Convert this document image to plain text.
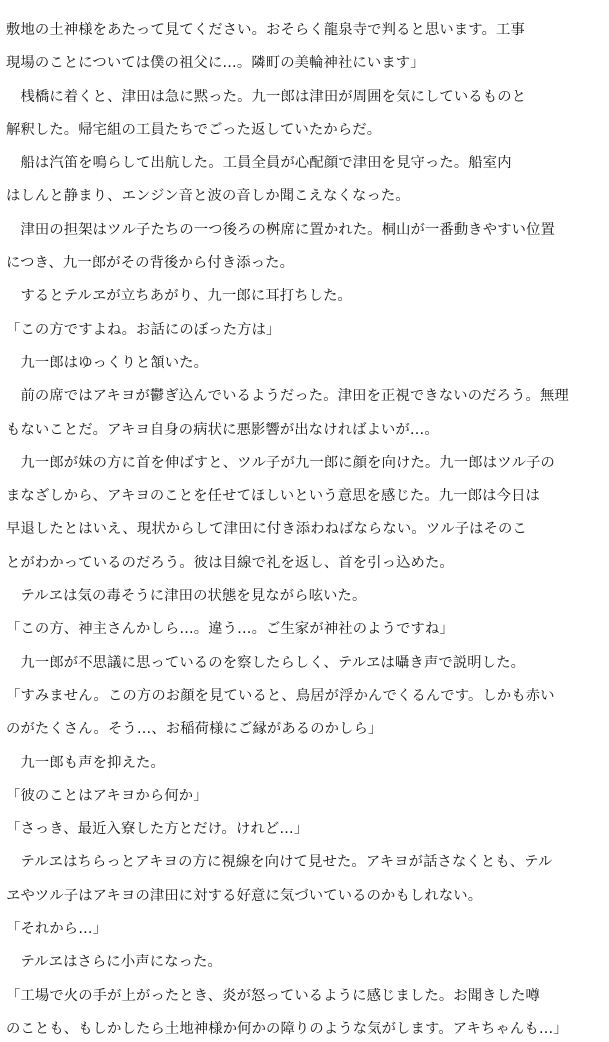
敷地の土神様をあたって見てください。おそらく龍泉寺で判ると思います。工事
現場のことについては僕の祖父に…。隣町の美輪神社にいます」
　桟橋に着くと、津田は急に黙った。九一郎は津田が周囲を気にしているものと
解釈した。帰宅組の工員たちでごった返していたからだ。
　船は汽笛を鳴らして出航した。工員全員が心配顔で津田を見守った。船室内
はしんと静まり、エンジン音と波の音しか聞こえなくなった。
　津田の担架はツル子たちの一つ後ろの桝席に置かれた。桐山が一番動きやすい位置
につき、九一郎がその背後から付き添った。
　するとテルヱが立ちあがり、九一郎に耳打ちした。
「この方ですよね。お話にのぼった方は」
　九一郎はゆっくりと頷いた。
　前の席ではアキヨが鬱ぎ込んでいるようだった。津田を正視できないのだろう。無理
もないことだ。アキヨ自身の病状に悪影響が出なければよいが…。
　九一郎が妹の方に首を伸ばすと、ツル子が九一郎に顔を向けた。九一郎はツル子の
まなざしから、アキヨのことを任せてほしいという意思を感じた。九一郎は今日は
早退したとはいえ、現状からして津田に付き添わねばならない。ツル子はそのこ
とがわかっているのだろう。彼は目線で礼を返し、首を引っ込めた。
　テルヱは気の毒そうに津田の状態を見ながら呟いた。
「この方、神主さんかしら…。違う…。ご生家が神社のようですね」
　九一郎が不思議に思っているのを察したらしく、テルヱは囁き声で説明した。
「すみません。この方のお顔を見ていると、鳥居が浮かんでくるんです。しかも赤い
のがたくさん。そう…、お稲荷様にご縁があるのかしら」
　九一郎も声を抑えた。
「彼のことはアキヨから何か」
「さっき、最近入寮した方とだけ。けれど…」
　テルヱはちらっとアキヨの方に視線を向けて見せた。アキヨが話さなくとも、テル
ヱやツル子はアキヨの津田に対する好意に気づいているのかもしれない。
「それから…」
　テルヱはさらに小声になった。
「工場で火の手が上がったとき、炎が怒っているように感じました。お聞きした噂
のことも、もしかしたら土地神様か何かの障りのような気がします。アキちゃんも…」
